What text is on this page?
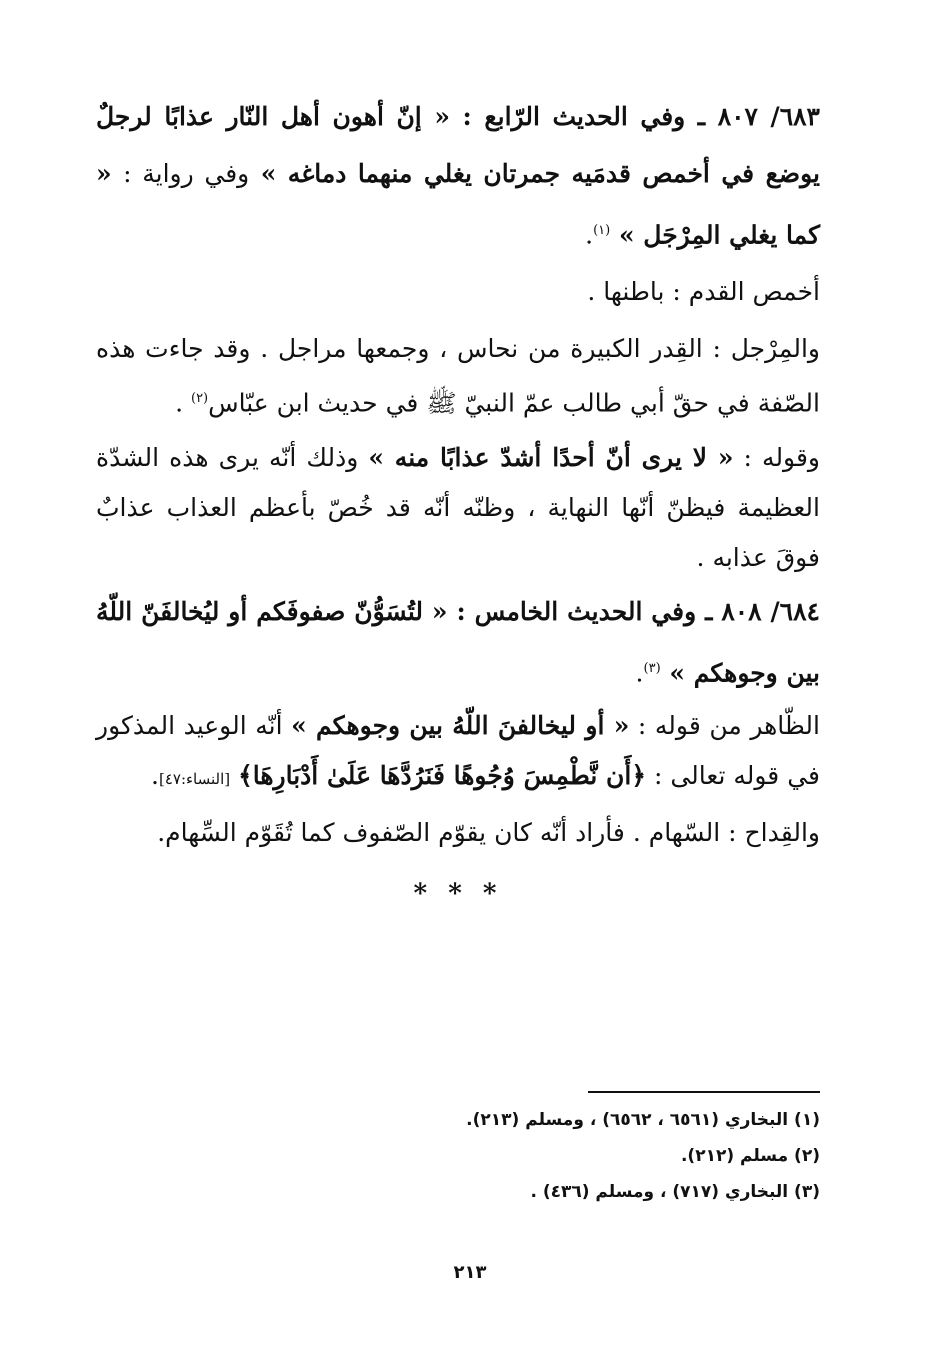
٦٨٣/ ٨٠٧ ـ وفي الحديث الرّابع : « إنّ أهون أهل النّار عذابًا لرجلٌ يوضع في أخمص قدمَيه جمرتان يغلي منهما دماغه » وفي رواية : « كما يغلي المِرْجَل » $^{(١)}$.

أخمص القدم : باطنها .

والمِرْجل : القِدر الكبيرة من نحاس ، وجمعها مراجل . وقد جاءت هذه الصّفة في حقّ أبي طالب عمّ النبيّ ﷺ في حديث ابن عبّاس$^{(٢)}$ .

وقوله : « لا يرى أنّ أحدًا أشدّ عذابًا منه » وذلك أنّه يرى هذه الشدّة العظيمة فيظنّ أنّها النهاية ، وظنّه أنّه قد خُصّ بأعظم العذاب عذابٌ فوقَ عذابه .

٦٨٤/ ٨٠٨ ـ وفي الحديث الخامس : « لتُسَوُّنّ صفوفَكم أو ليُخالفَنّ اللّهُ بين وجوهكم » $^{(٣)}$.

الظّاهر من قوله : « أو ليخالفنَ اللّهُ بين وجوهكم » أنّه الوعيد المذكور في قوله تعالى : ﴿أَن نَّطْمِسَ وُجُوهًا فَنَرُدَّهَا عَلَىٰ أَدْبَارِهَا﴾ [النساء:٤٧].

والقِداح : السّهام . فأراد أنّه كان يقوّم الصّفوف كما تُقَوّم السِّهام.

* * *

(١) البخاري (٦٥٦١ ، ٦٥٦٢) ، ومسلم (٢١٣).

(٢) مسلم (٢١٢).

(٣) البخاري (٧١٧) ، ومسلم (٤٣٦) .

٢١٣
